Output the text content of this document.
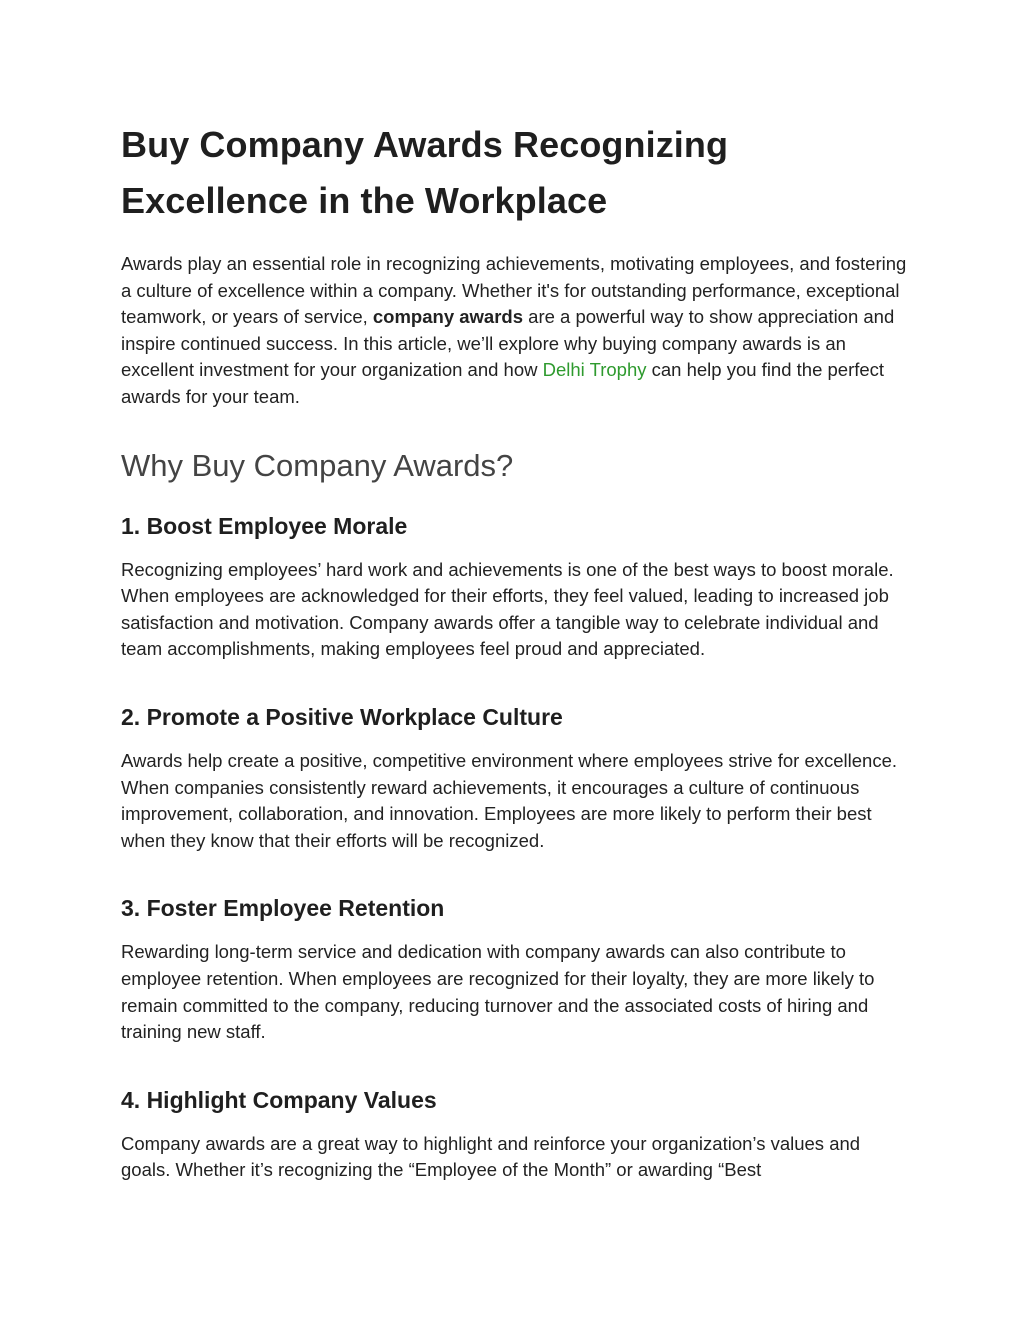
Buy Company Awards Recognizing
Excellence in the Workplace

Awards play an essential role in recognizing achievements, motivating employees, and fostering a culture of excellence within a company. Whether it's for outstanding performance, exceptional teamwork, or years of service, company awards are a powerful way to show appreciation and inspire continued success. In this article, we’ll explore why buying company awards is an excellent investment for your organization and how Delhi Trophy can help you find the perfect awards for your team.

Why Buy Company Awards?
1. Boost Employee Morale

Recognizing employees’ hard work and achievements is one of the best ways to boost morale. When employees are acknowledged for their efforts, they feel valued, leading to increased job satisfaction and motivation. Company awards offer a tangible way to celebrate individual and team accomplishments, making employees feel proud and appreciated.

2. Promote a Positive Workplace Culture

Awards help create a positive, competitive environment where employees strive for excellence. When companies consistently reward achievements, it encourages a culture of continuous improvement, collaboration, and innovation. Employees are more likely to perform their best when they know that their efforts will be recognized.

3. Foster Employee Retention

Rewarding long-term service and dedication with company awards can also contribute to employee retention. When employees are recognized for their loyalty, they are more likely to remain committed to the company, reducing turnover and the associated costs of hiring and training new staff.

4. Highlight Company Values

Company awards are a great way to highlight and reinforce your organization’s values and goals. Whether it’s recognizing the “Employee of the Month” or awarding “Best
